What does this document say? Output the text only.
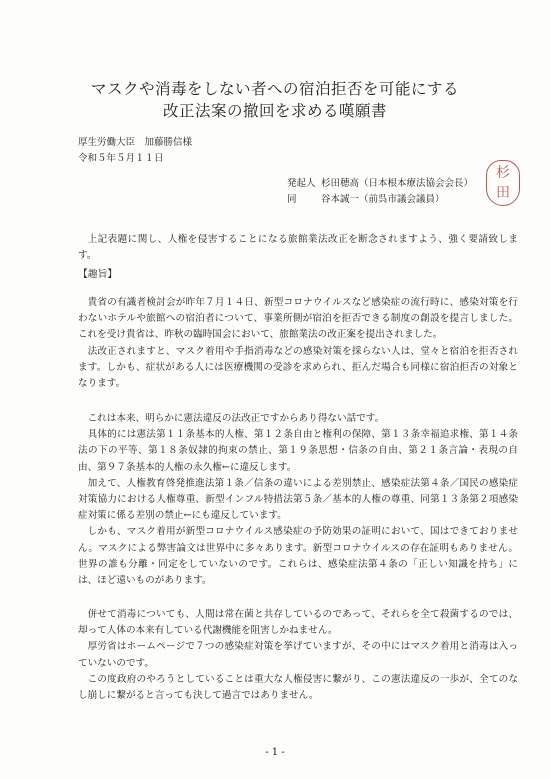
マスクや消毒をしない者への宿泊拒否を可能にする
改正法案の撤回を求める嘆願書
厚生労働大臣　加藤勝信様
令和５年５月１１日
発起人 杉田穂高（日本根本療法協会会長）
同	谷本誠一（前呉市議会議員）
杉
田

上記表題に関し、人権を侵害することになる旅館業法改正を断念されますよう、強く要請致します。

【趣旨】

貴省の有識者検討会が昨年７月１４日、新型コロナウイルスなど感染症の流行時に、感染対策を行わないホテルや旅館への宿泊者について、事業所側が宿泊を拒否できる制度の創設を提言しました。これを受け貴省は、昨秋の臨時国会において、旅館業法の改正案を提出されました。

法改正されますと、マスク着用や手指消毒などの感染対策を採らない人は、堂々と宿泊を拒否されます。しかも、症状がある人には医療機関の受診を求められ、拒んだ場合も同様に宿泊拒否の対象となります。

これは本来、明らかに憲法違反の法改正ですからあり得ない話です。

具体的には憲法第１１条基本的人権、第１２条自由と権利の保障、第１３条幸福追求権、第１４条法の下の平等、第１８条奴隷的拘束の禁止、第１９条思想・信条の自由、第２１条言論・表現の自由、第９７条基本的人権の永久権←に違反します。

加えて、人権教育啓発推進法第１条／信条の違いによる差別禁止、感染症法第４条／国民の感染症対策協力における人権尊重、新型インフル特措法第５条／基本的人権の尊重、同第１３条第２項感染症対策に係る差別の禁止←にも違反しています。

しかも、マスク着用が新型コロナウイルス感染症の予防効果の証明において、国はできておりません。マスクによる弊害論文は世界中に多々あります。新型コロナウイルスの存在証明もありません。世界の誰も分離・同定をしていないのです。これらは、感染症法第４条の「正しい知識を持ち」には、ほど遠いものがあります。

併せて消毒についても、人間は常在菌と共存しているのであって、それらを全て殺菌するのでは、却って人体の本来有している代謝機能を阻害しかねません。

厚労省はホームページで７つの感染症対策を挙げていますが、その中にはマスク着用と消毒は入っていないのです。

この度政府のやろうとしていることは重大な人権侵害に繋がり、この憲法違反の一歩が、全てのなし崩しに繋がると言っても決して過言ではありません。

- 1 -
